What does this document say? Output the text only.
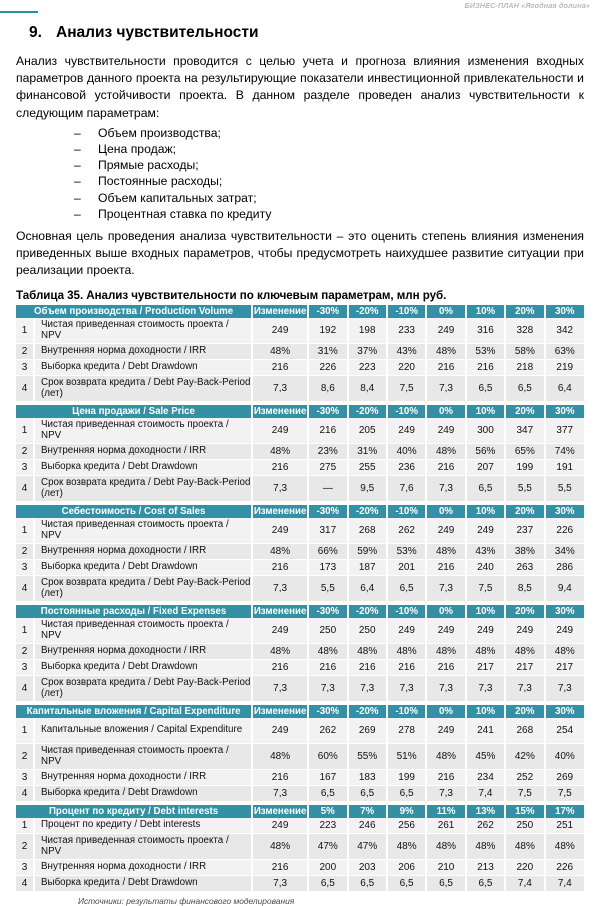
БИЗНЕС-ПЛАН «Ягодная долина»
9. Анализ чувствительности

Анализ чувствительности проводится с целью учета и прогноза влияния изменения входных параметров данного проекта на результирующие показатели инвестиционной привлекательности и финансовой устойчивости проекта. В данном разделе проведен анализ чувствительности к следующим параметрам:

– Объем производства;
– Цена продаж;
– Прямые расходы;
– Постоянные расходы;
– Объем капитальных затрат;
– Процентная ставка по кредиту

Основная цель проведения анализа чувствительности – это оценить степень влияния изменения приведенных выше входных параметров, чтобы предусмотреть наихудшее развитие ситуации при реализации проекта.

Таблица 35. Анализ чувствительности по ключевым параметрам, млн руб.
Объем производства / Production Volume		Изменение	-30%	-20%	-10%	0%	10%	20%	30%
1	Чистая приведенная стоимость проекта / NPV	249	192	198	233	249	316	328	342
2	Внутренняя норма доходности / IRR	48%	31%	37%	43%	48%	53%	58%	63%
3	Выборка кредита / Debt Drawdown	216	226	223	220	216	216	218	219
4	Срок возврата кредита / Debt Pay-Back-Period (лет)	7,3	8,6	8,4	7,5	7,3	6,5	6,5	6,4

Цена продажи / Sale Price		Изменение	-30%	-20%	-10%	0%	10%	20%	30%
1	Чистая приведенная стоимость проекта / NPV	249	216	205	249	249	300	347	377
2	Внутренняя норма доходности / IRR	48%	23%	31%	40%	48%	56%	65%	74%
3	Выборка кредита / Debt Drawdown	216	275	255	236	216	207	199	191
4	Срок возврата кредита / Debt Pay-Back-Period (лет)	7,3	—	9,5	7,6	7,3	6,5	5,5	5,5

Себестоимость / Cost of Sales		Изменение	-30%	-20%	-10%	0%	10%	20%	30%
1	Чистая приведенная стоимость проекта / NPV	249	317	268	262	249	249	237	226
2	Внутренняя норма доходности / IRR	48%	66%	59%	53%	48%	43%	38%	34%
3	Выборка кредита / Debt Drawdown	216	173	187	201	216	240	263	286
4	Срок возврата кредита / Debt Pay-Back-Period (лет)	7,3	5,5	6,4	6,5	7,3	7,5	8,5	9,4

Постоянные расходы / Fixed Expenses		Изменение	-30%	-20%	-10%	0%	10%	20%	30%
1	Чистая приведенная стоимость проекта / NPV	249	250	250	249	249	249	249	249
2	Внутренняя норма доходности / IRR	48%	48%	48%	48%	48%	48%	48%	48%
3	Выборка кредита / Debt Drawdown	216	216	216	216	216	217	217	217
4	Срок возврата кредита / Debt Pay-Back-Period (лет)	7,3	7,3	7,3	7,3	7,3	7,3	7,3	7,3

Капитальные вложения / Capital Expenditure		Изменение	-30%	-20%	-10%	0%	10%	20%	30%
1	Капитальные вложения / Capital Expenditure	249	262	269	278	249	241	268	254
2	Чистая приведенная стоимость проекта / NPV	48%	60%	55%	51%	48%	45%	42%	40%
3	Внутренняя норма доходности / IRR	216	167	183	199	216	234	252	269
4	Выборка кредита / Debt Drawdown	7,3	6,5	6,5	6,5	7,3	7,4	7,5	7,5

Процент по кредиту / Debt interests		Изменение	5%	7%	9%	11%	13%	15%	17%
1	Процент по кредиту / Debt interests	249	223	246	256	261	262	250	251
2	Чистая приведенная стоимость проекта / NPV	48%	47%	47%	48%	48%	48%	48%	48%
3	Внутренняя норма доходности / IRR	216	200	203	206	210	213	220	226
4	Выборка кредита / Debt Drawdown	7,3	6,5	6,5	6,5	6,5	6,5	7,4	7,4
Источники: результаты финансового моделирования
